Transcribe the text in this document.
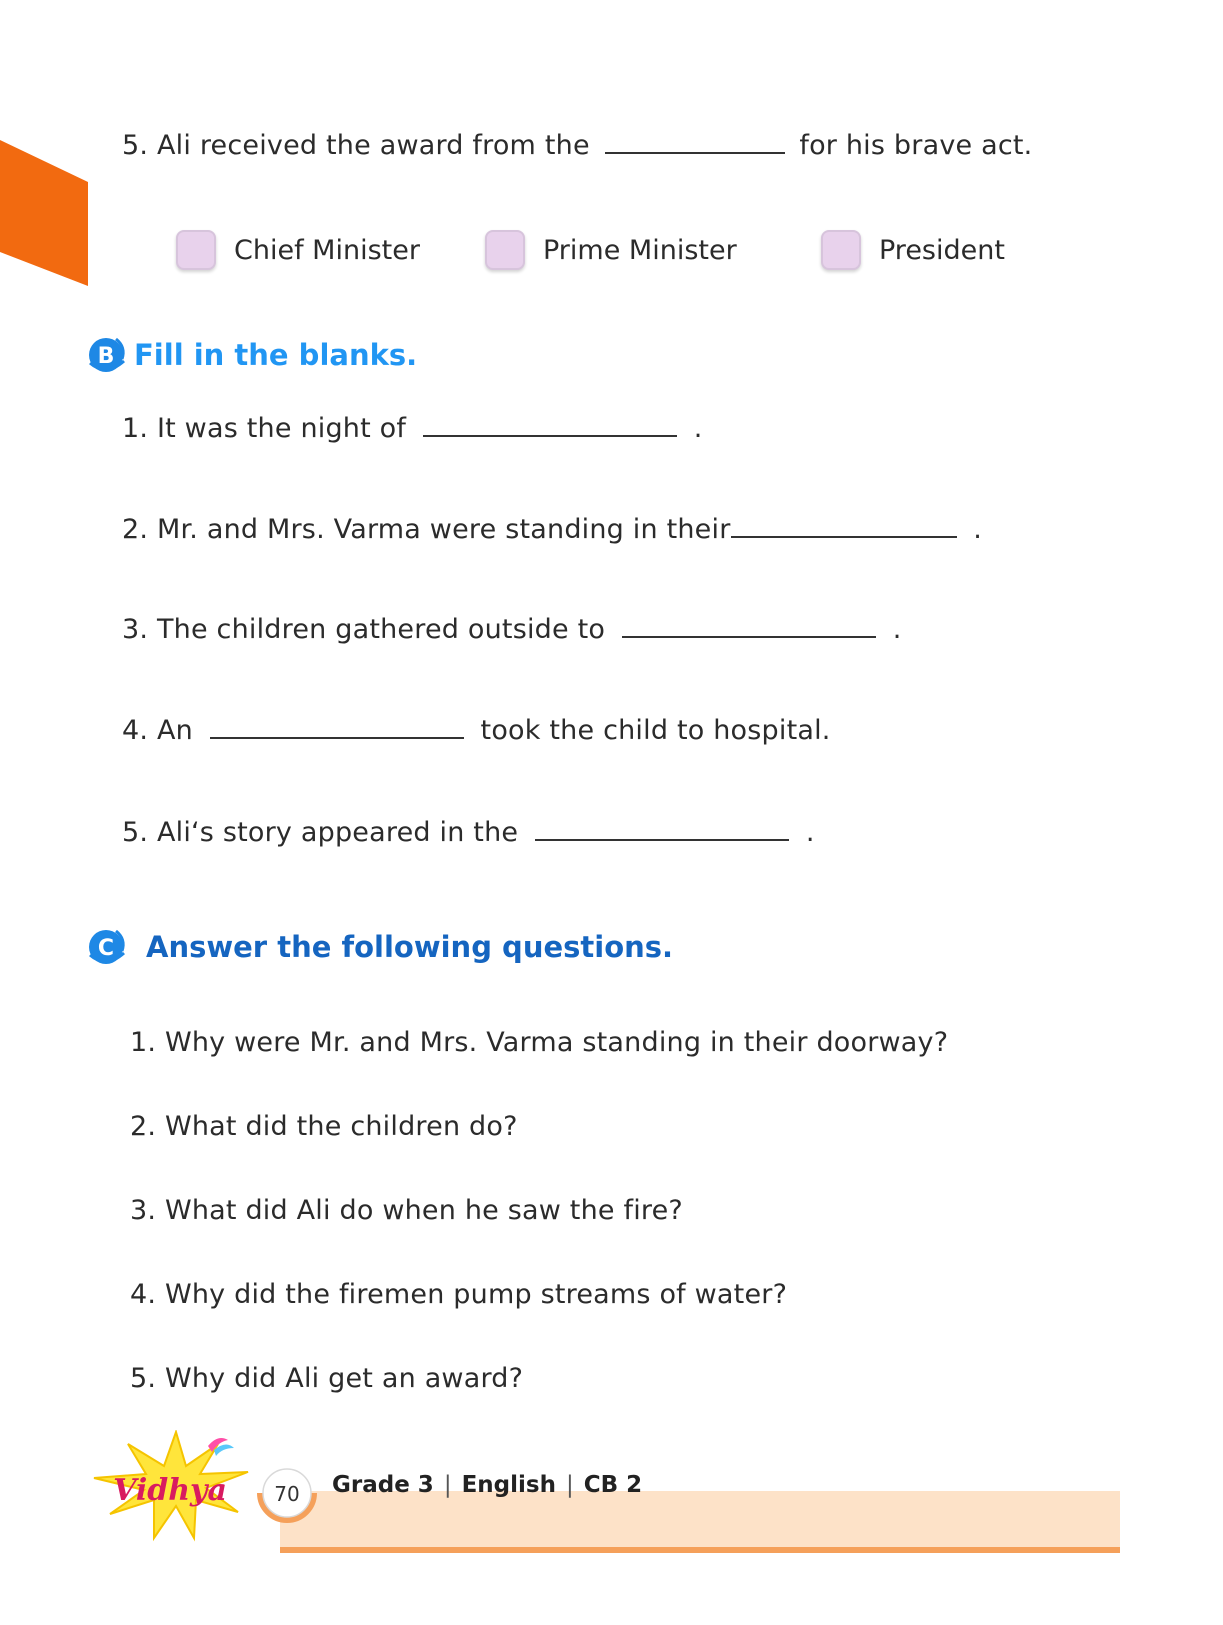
5. Ali received the award from the	for his brave act.
Chief Minister	Prime Minister	President
B Fill in the blanks.
1. It was the night of	.
2. Mr. and Mrs. Varma were standing in their	.
3. The children gathered outside to	.
4. An	took the child to hospital.
5. Ali‘s story appeared in the	.
C Answer the following questions.
1. Why were Mr. and Mrs. Varma standing in their doorway?
2. What did the children do?
3. What did Ali do when he saw the fire?
4. Why did the firemen pump streams of water?
5. Why did Ali get an award?
Vidhya 70 Grade 3 | English | CB 2
